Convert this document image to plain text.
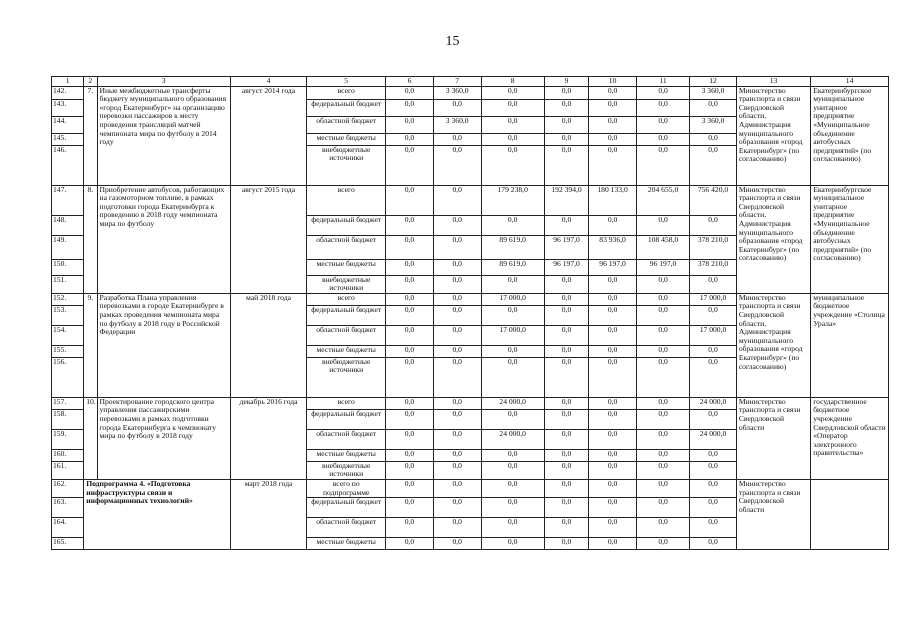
15
1	2	3	4	5	6	7	8	9	10	11	12	13	14
142.	7.	Иные межбюджетные трансферты бюджету муниципального образования «город Екатеринбург» на организацию перевозки пассажиров к месту проведения трансляций матчей чемпионата мира по футболу в 2014 году	август 2014 года	всего	0,0	3 360,0	0,0	0,0	0,0	0,0	3 360,0	Министерство транспорта и связи Свердловской области, Администрация муниципального образования «город Екатеринбург» (по согласованию)	Екатеринбургское муниципальное унитарное предприятие «Муниципальное объединение автобусных предприятий» (по согласованию)
143.				федеральный бюджет	0,0	0,0	0,0	0,0	0,0	0,0	0,0		
144.				областной бюджет	0,0	3 360,0	0,0	0,0	0,0	0,0	3 360,0		
145.				местные бюджеты	0,0	0,0	0,0	0,0	0,0	0,0	0,0		
146.				внебюджетные источники	0,0	0,0	0,0	0,0	0,0	0,0	0,0		
147.	8.	Приобретение автобусов, работающих на газомоторном топливе, в рамках подготовки города Екатеринбурга к проведению в 2018 году чемпионата мира по футболу	август 2015 года	всего	0,0	0,0	179 238,0	192 394,0	180 133,0	204 655,0	756 420,0	Министерство транспорта и связи Свердловской области, Администрация муниципального образования «город Екатеринбург» (по согласованию)	Екатеринбургское муниципальное унитарное предприятие «Муниципальное объединение автобусных предприятий» (по согласованию)
148.				федеральный бюджет	0,0	0,0	0,0	0,0	0,0	0,0	0,0		
149.				областной бюджет	0,0	0,0	89 619,0	96 197,0	83 936,0	108 458,0	378 210,0		
150.				местные бюджеты	0,0	0,0	89 619,0	96 197,0	96 197,0	96 197,0	378 210,0		
151.				внебюджетные источники	0,0	0,0	0,0	0,0	0,0	0,0	0,0		
152.	9.	Разработка Плана управления перевозками в городе Екатеринбурге в рамках проведения чемпионата мира по футболу в 2018 году в Российской Федерации	май 2018 года	всего	0,0	0,0	17 000,0	0,0	0,0	0,0	17 000,0	Министерство транспорта и связи Свердловской области, Администрация муниципального образования «город Екатеринбург» (по согласованию)	муниципальное бюджетное учреждение «Столица Урала»
153.				федеральный бюджет	0,0	0,0	0,0	0,0	0,0	0,0	0,0		
154.				областной бюджет	0,0	0,0	17 000,0	0,0	0,0	0,0	17 000,0		
155.				местные бюджеты	0,0	0,0	0,0	0,0	0,0	0,0	0,0		
156.				внебюджетные источники	0,0	0,0	0,0	0,0	0,0	0,0	0,0		
157.	10.	Проектирование городского центра управления пассажирскими перевозками в рамках подготовки города Екатеринбурга к чемпионату мира по футболу в 2018 году	декабрь 2016 года	всего	0,0	0,0	24 000,0	0,0	0,0	0,0	24 000,0	Министерство транспорта и связи Свердловской области	государственное бюджетное учреждение Свердловской области «Оператор электронного правительства»
158.				федеральный бюджет	0,0	0,0	0,0	0,0	0,0	0,0	0,0		
159.				областной бюджет	0,0	0,0	24 000,0	0,0	0,0	0,0	24 000,0		
160.				местные бюджеты	0,0	0,0	0,0	0,0	0,0	0,0	0,0		
161.				внебюджетные источники	0,0	0,0	0,0	0,0	0,0	0,0	0,0		
162.	Подпрограмма 4. «Подготовка инфраструктуры связи и информационных технологий»		март 2018 года	всего по подпрограмме	0,0	0,0	0,0	0,0	0,0	0,0	0,0	Министерство транспорта и связи Свердловской области	
163.				федеральный бюджет	0,0	0,0	0,0	0,0	0,0	0,0	0,0		
164.				областной бюджет	0,0	0,0	0,0	0,0	0,0	0,0	0,0		
165.				местные бюджеты	0,0	0,0	0,0	0,0	0,0	0,0	0,0		
